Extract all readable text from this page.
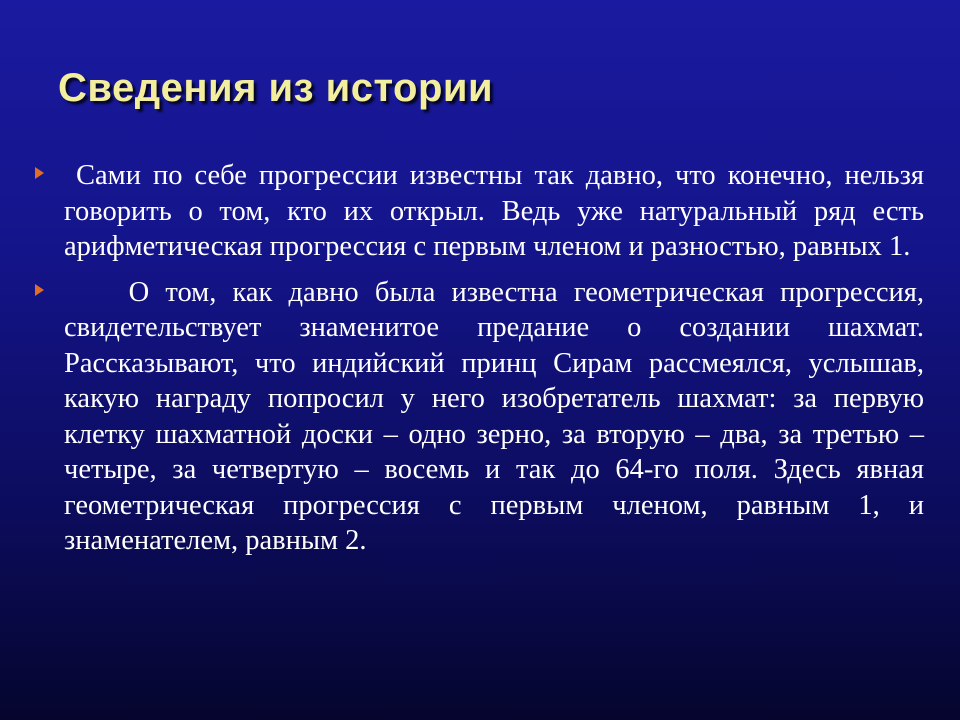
Сведения из истории

Сами по себе прогрессии известны так давно, что конечно, нельзя говорить о том, кто их открыл. Ведь уже натуральный ряд есть арифметическая прогрессия с первым членом и разностью, равных 1.

О том, как давно была известна геометрическая прогрессия, свидетельствует знаменитое предание о создании шахмат. Рассказывают, что индийский принц Сирам рассмеялся, услышав, какую награду попросил у него изобретатель шахмат: за первую клетку шахматной доски – одно зерно, за вторую – два, за третью – четыре, за четвертую – восемь и так до 64-го поля. Здесь явная геометрическая прогрессия с первым членом, равным 1, и знаменателем, равным 2.
